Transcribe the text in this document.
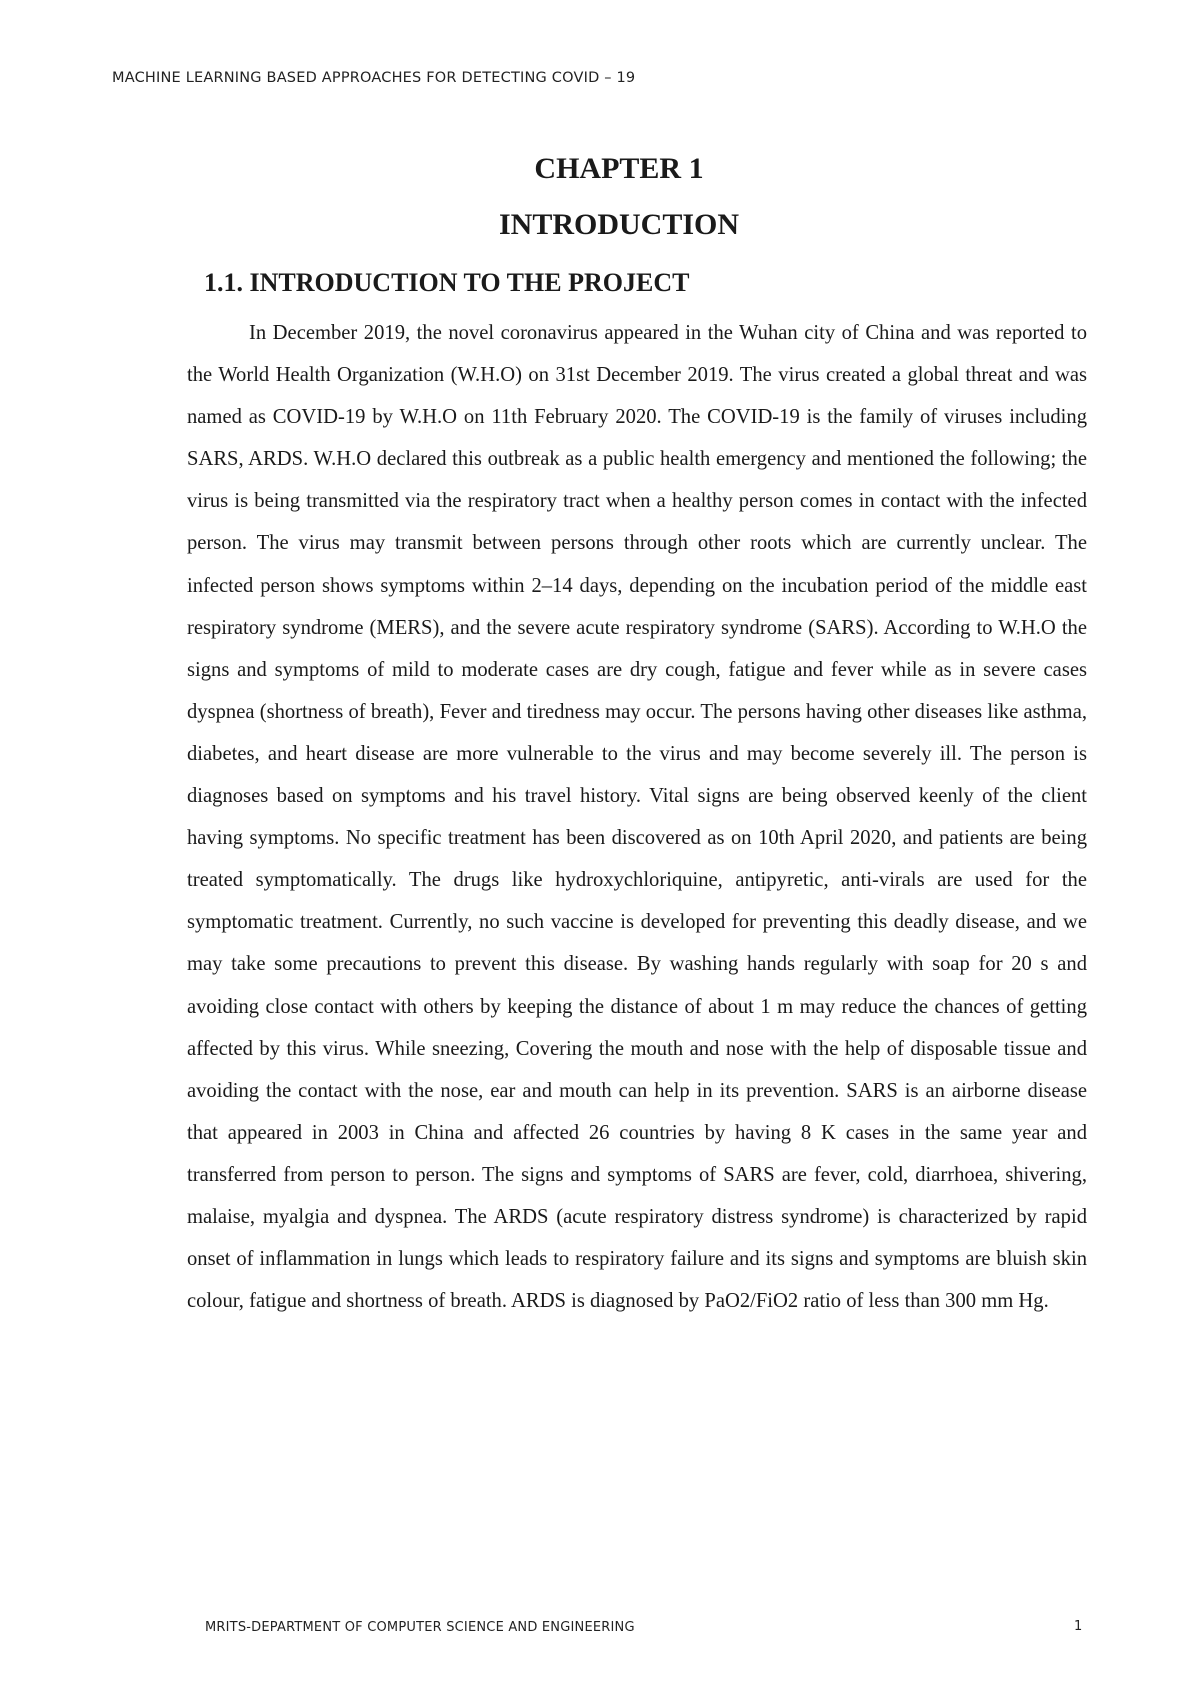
MACHINE LEARNING BASED APPROACHES FOR DETECTING COVID – 19
CHAPTER 1
INTRODUCTION
1.1. INTRODUCTION TO THE PROJECT

In December 2019, the novel coronavirus appeared in the Wuhan city of China and was reported to the World Health Organization (W.H.O) on 31st December 2019. The virus created a global threat and was named as COVID-19 by W.H.O on 11th February 2020. The COVID-19 is the family of viruses including SARS, ARDS. W.H.O declared this outbreak as a public health emergency and mentioned the following; the virus is being transmitted via the respiratory tract when a healthy person comes in contact with the infected person. The virus may transmit between persons through other roots which are currently unclear. The infected person shows symptoms within 2–14 days, depending on the incubation period of the middle east respiratory syndrome (MERS), and the severe acute respiratory syndrome (SARS). According to W.H.O the signs and symptoms of mild to moderate cases are dry cough, fatigue and fever while as in severe cases dyspnea (shortness of breath), Fever and tiredness may occur. The persons having other diseases like asthma, diabetes, and heart disease are more vulnerable to the virus and may become severely ill. The person is diagnoses based on symptoms and his travel history. Vital signs are being observed keenly of the client having symptoms. No specific treatment has been discovered as on 10th April 2020, and patients are being treated symptomatically. The drugs like hydroxychloriquine, antipyretic, anti-virals are used for the symptomatic treatment. Currently, no such vaccine is developed for preventing this deadly disease, and we may take some precautions to prevent this disease. By washing hands regularly with soap for 20 s and avoiding close contact with others by keeping the distance of about 1 m may reduce the chances of getting affected by this virus. While sneezing, Covering the mouth and nose with the help of disposable tissue and avoiding the contact with the nose, ear and mouth can help in its prevention. SARS is an airborne disease that appeared in 2003 in China and affected 26 countries by having 8 K cases in the same year and transferred from person to person. The signs and symptoms of SARS are fever, cold, diarrhoea, shivering, malaise, myalgia and dyspnea. The ARDS (acute respiratory distress syndrome) is characterized by rapid onset of inflammation in lungs which leads to respiratory failure and its signs and symptoms are bluish skin colour, fatigue and shortness of breath. ARDS is diagnosed by PaO2/FiO2 ratio of less than 300 mm Hg.

MRITS-DEPARTMENT OF COMPUTER SCIENCE AND ENGINEERING	1
